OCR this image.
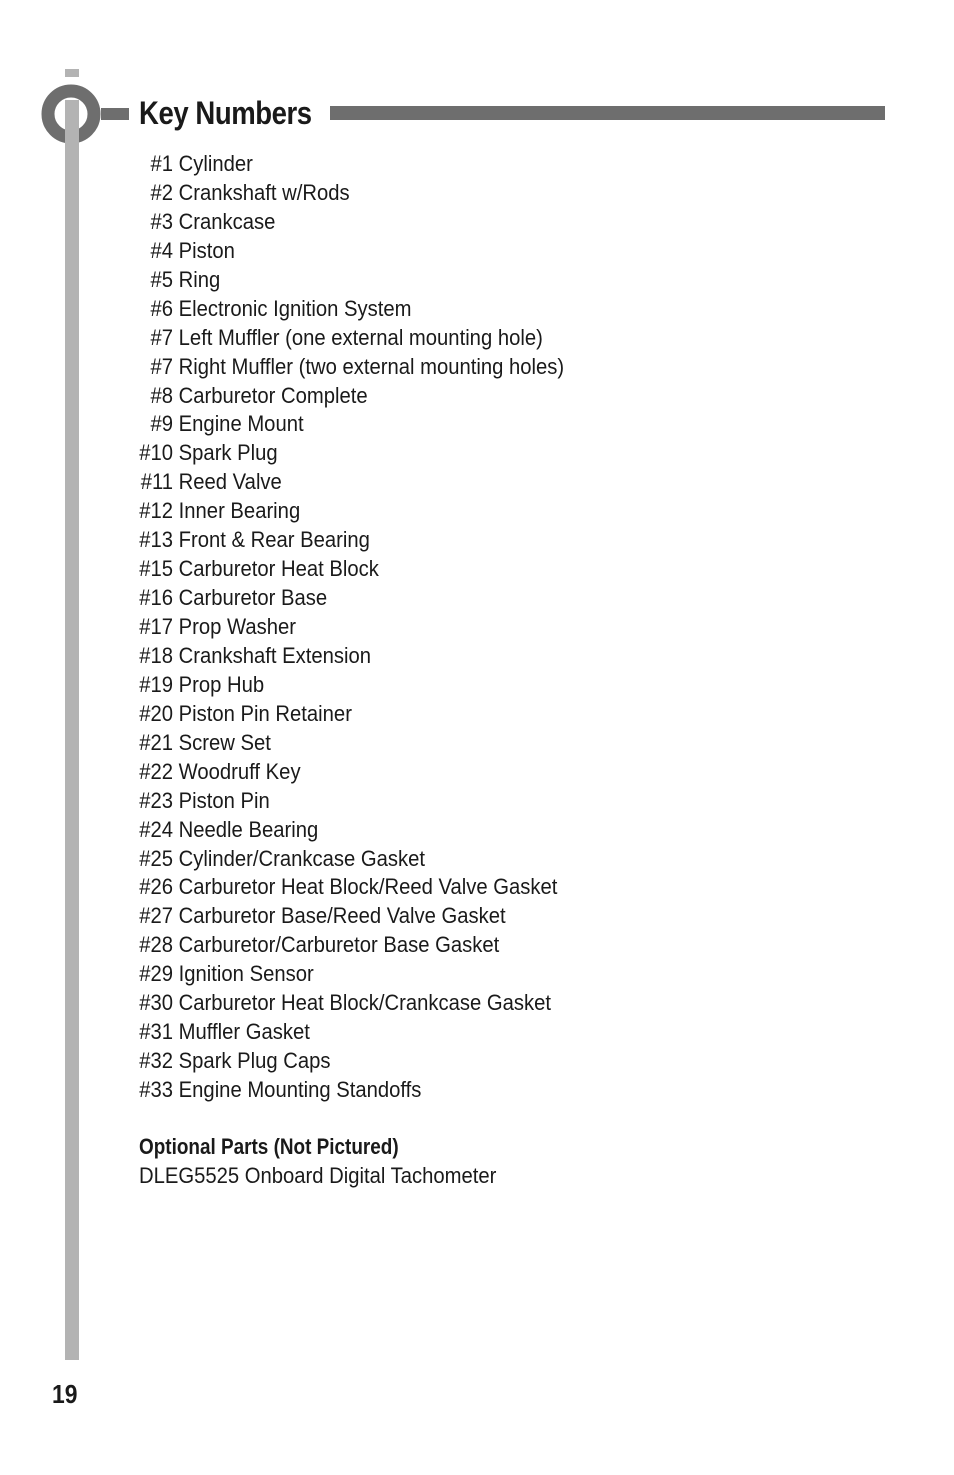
Key Numbers
#1 Cylinder
#2 Crankshaft w/Rods
#3 Crankcase
#4 Piston
#5 Ring
#6 Electronic Ignition System
#7 Left Muffler (one external mounting hole)
#7 Right Muffler (two external mounting holes)
#8 Carburetor Complete
#9 Engine Mount
#10 Spark Plug
#11 Reed Valve
#12 Inner Bearing
#13 Front & Rear Bearing
#15 Carburetor Heat Block
#16 Carburetor Base
#17 Prop Washer
#18 Crankshaft Extension
#19 Prop Hub
#20 Piston Pin Retainer
#21 Screw Set
#22 Woodruff Key
#23 Piston Pin
#24 Needle Bearing
#25 Cylinder/Crankcase Gasket
#26 Carburetor Heat Block/Reed Valve Gasket
#27 Carburetor Base/Reed Valve Gasket
#28 Carburetor/Carburetor Base Gasket
#29 Ignition Sensor
#30 Carburetor Heat Block/Crankcase Gasket
#31 Muffler Gasket
#32 Spark Plug Caps
#33 Engine Mounting Standoffs

Optional Parts (Not Pictured)

DLEG5525 Onboard Digital Tachometer

19
